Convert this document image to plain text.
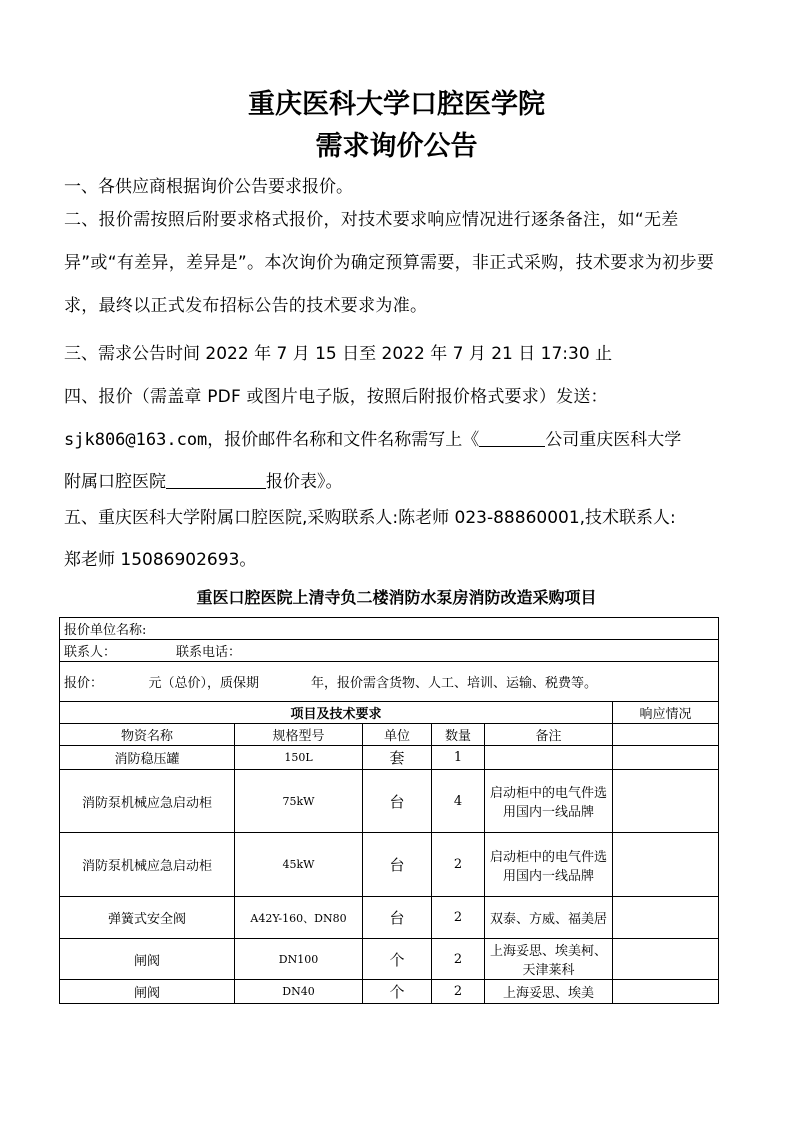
重庆医科大学口腔医学院
需求询价公告
一、各供应商根据询价公告要求报价。
二、报价需按照后附要求格式报价，对技术要求响应情况进行逐条备注，如“无差异”或“有差异，差异是”。本次询价为确定预算需要，非正式采购，技术要求为初步要求，最终以正式发布招标公告的技术要求为准。
三、需求公告时间 2022 年 7 月 15 日至 2022 年 7 月 21 日 17:30 止
四、报价（需盖章 PDF 或图片电子版，按照后附报价格式要求）发送：
sjk806@163.com，报价邮件名称和文件名称需写上《	公司重庆医科大学
附属口腔医院	报价表》。
五、重庆医科大学附属口腔医院,采购联系人:陈老师 023-88860001,技术联系人:
郑老师 15086902693。
重医口腔医院上清寺负二楼消防水泵房消防改造采购项目
报价单位名称:					
联系人： 联系电话：					
报价：　　　　元（总价），质保期　　　　年，报价需含货物、人工、培训、运输、税费等。					
项目及技术要求					响应情况
物资名称	规格型号	单位	数量	备注	
消防稳压罐	150L	套	1		
消防泵机械应急启动柜	75kW	台	4	启动柜中的电气件选用国内一线品牌	
消防泵机械应急启动柜	45kW	台	2	启动柜中的电气件选用国内一线品牌	
弹簧式安全阀	A42Y-160、DN80	台	2	双泰、方威、福美居	
闸阀	DN100	个	2	上海妥思、埃美柯、天津莱科	
闸阀	DN40	个	2	上海妥思、埃美	
